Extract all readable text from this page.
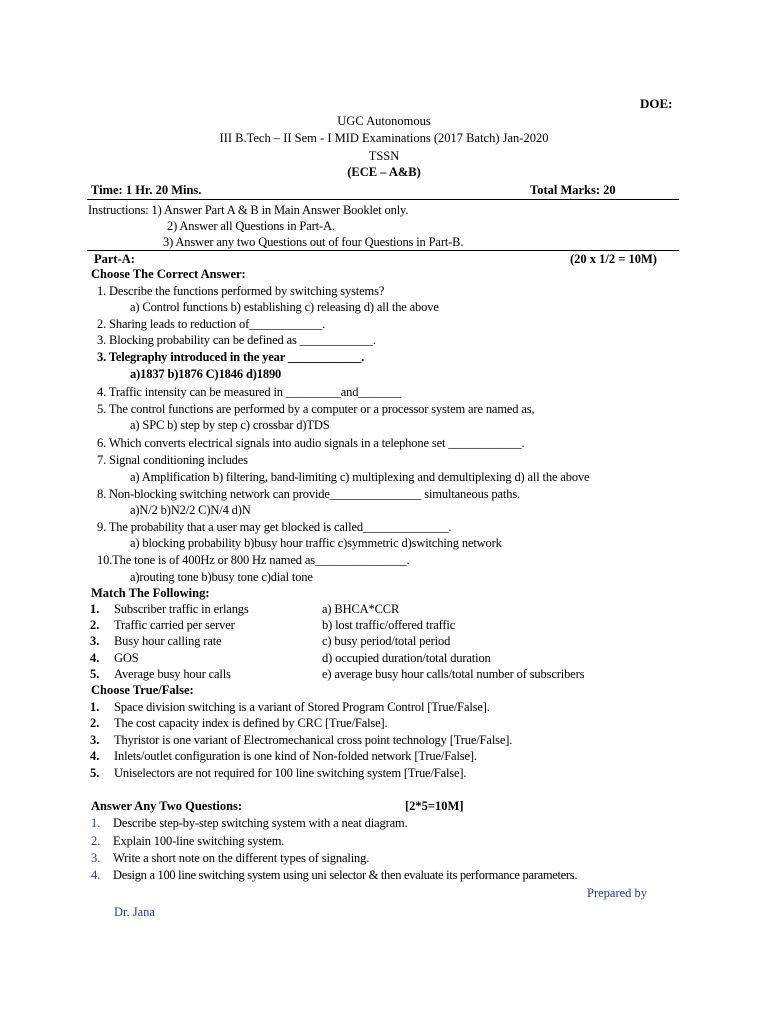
DOE:
UGC Autonomous
III B.Tech – II Sem - I MID Examinations (2017 Batch) Jan-2020
TSSN
(ECE – A&B)
Time: 1 Hr. 20 Mins.	Total Marks: 20
Instructions: 1) Answer Part A & B in Main Answer Booklet only.
2) Answer all Questions in Part-A.
3) Answer any two Questions out of four Questions in Part-B.
Part-A:	(20 x 1/2 = 10M)
Choose The Correct Answer:
1. Describe the functions performed by switching systems?
a) Control functions b) establishing c) releasing d) all the above
2. Sharing leads to reduction of____________.
3. Blocking probability can be defined as ____________.
3. Telegraphy introduced in the year ____________.
a)1837 b)1876 C)1846 d)1890
4. Traffic intensity can be measured in _________and_______
5. The control functions are performed by a computer or a processor system are named as,
a) SPC b) step by step c) crossbar d)TDS
6. Which converts electrical signals into audio signals in a telephone set ____________.
7. Signal conditioning includes
a) Amplification b) filtering, band-limiting c) multiplexing and demultiplexing d) all the above
8. Non-blocking switching network can provide_______________ simultaneous paths.
a)N/2 b)N2/2 C)N/4 d)N
9. The probability that a user may get blocked is called______________.
a) blocking probability b)busy hour traffic c)symmetric d)switching network
10.The tone is of 400Hz or 800 Hz named as_______________.
a)routing tone b)busy tone c)dial tone
Match The Following:
1. Subscriber traffic in erlangs	a) BHCA*CCR
2. Traffic carried per server	b) lost traffic/offered traffic
3. Busy hour calling rate	c) busy period/total period
4. GOS	d) occupied duration/total duration
5. Average busy hour calls	e) average busy hour calls/total number of subscribers
Choose True/False:
1. Space division switching is a variant of Stored Program Control [True/False].
2. The cost capacity index is defined by CRC [True/False].
3. Thyristor is one variant of Electromechanical cross point technology [True/False].
4. Inlets/outlet configuration is one kind of Non-folded network [True/False].
5. Uniselectors are not required for 100 line switching system [True/False].
Answer Any Two Questions:	[2*5=10M]
1. Describe step-by-step switching system with a neat diagram.
2. Explain 100-line switching system.
3. Write a short note on the different types of signaling.
4. Design a 100 line switching system using uni selector & then evaluate its performance parameters.
Prepared by
Dr. Jana
